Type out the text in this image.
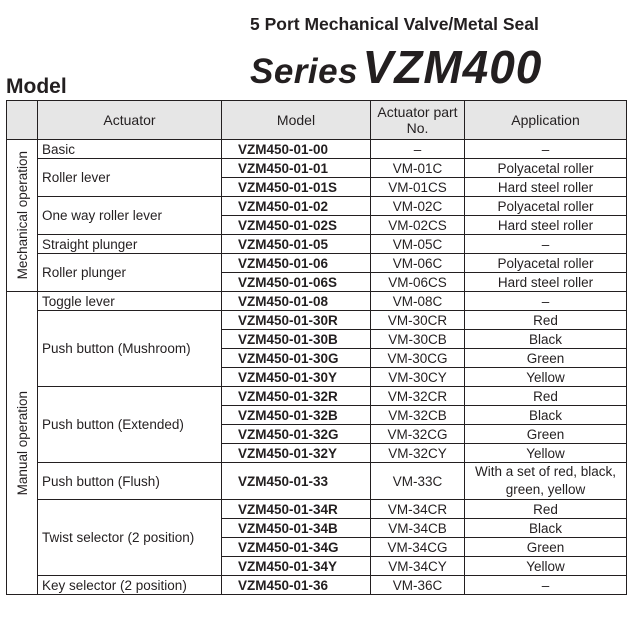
5 Port Mechanical Valve/Metal Seal
Series VZM400
Model
	Actuator	Model	Actuator part No.	Application

Mechanical operation	Basic	VZM450-01-00	–	–
	Roller lever	VZM450-01-01	VM-01C	Polyacetal roller
		VZM450-01-01S	VM-01CS	Hard steel roller
	One way roller lever	VZM450-01-02	VM-02C	Polyacetal roller
		VZM450-01-02S	VM-02CS	Hard steel roller
	Straight plunger	VZM450-01-05	VM-05C	–
	Roller plunger	VZM450-01-06	VM-06C	Polyacetal roller
		VZM450-01-06S	VM-06CS	Hard steel roller

Manual operation	Toggle lever	VZM450-01-08	VM-08C	–
	Push button (Mushroom)	VZM450-01-30R	VM-30CR	Red
		VZM450-01-30B	VM-30CB	Black
		VZM450-01-30G	VM-30CG	Green
		VZM450-01-30Y	VM-30CY	Yellow
	Push button (Extended)	VZM450-01-32R	VM-32CR	Red
		VZM450-01-32B	VM-32CB	Black
		VZM450-01-32G	VM-32CG	Green
		VZM450-01-32Y	VM-32CY	Yellow
	Push button (Flush)	VZM450-01-33	VM-33C	With a set of red, black, green, yellow
	Twist selector (2 position)	VZM450-01-34R	VM-34CR	Red
		VZM450-01-34B	VM-34CB	Black
		VZM450-01-34G	VM-34CG	Green
		VZM450-01-34Y	VM-34CY	Yellow
	Key selector (2 position)	VZM450-01-36	VM-36C	–
